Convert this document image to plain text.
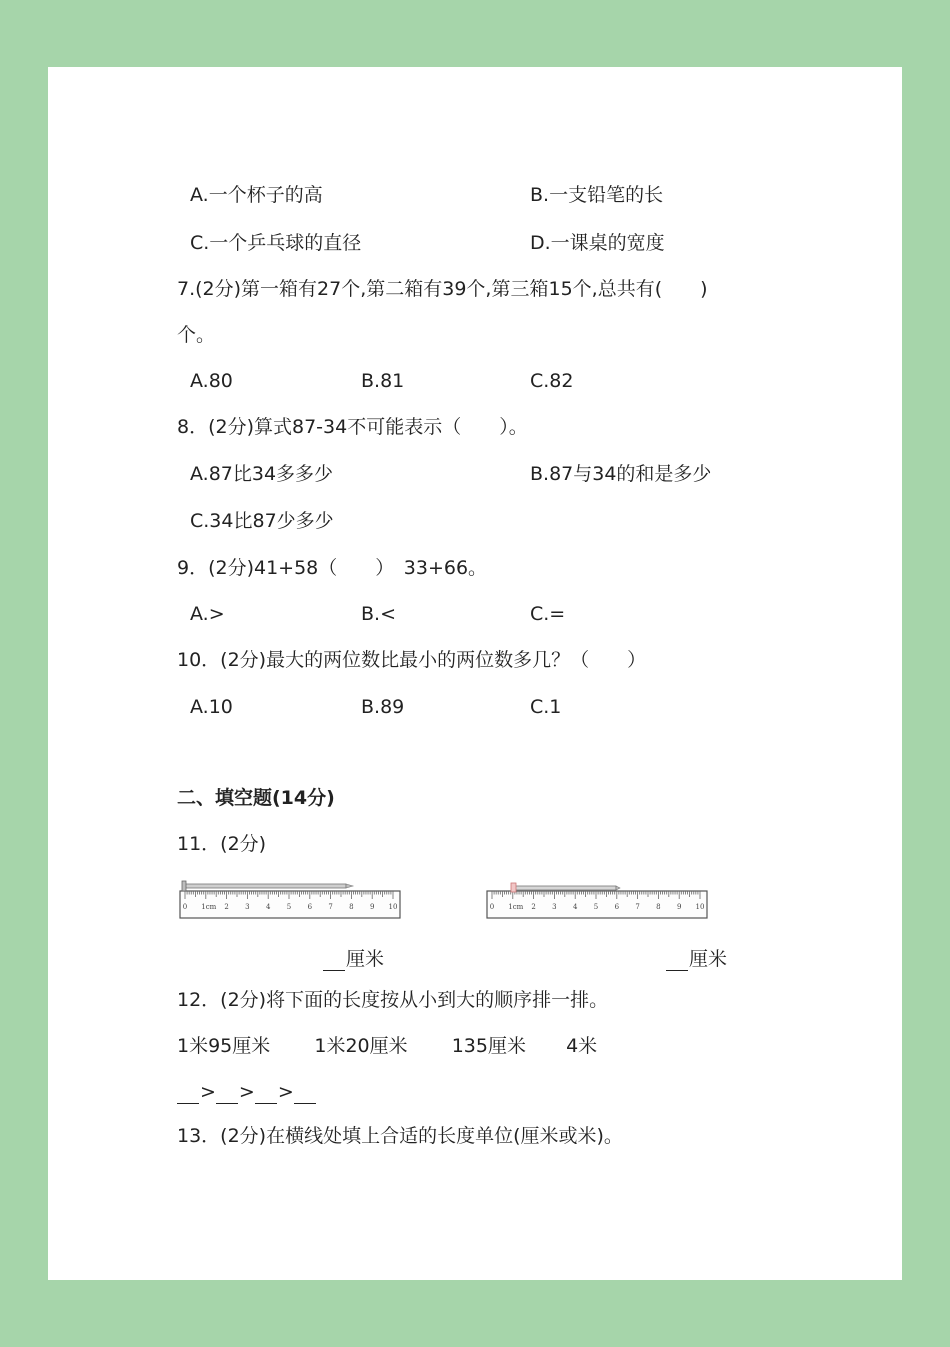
A.一个杯子的高	B.一支铅笔的长
C.一个乒乓球的直径	D.一课桌的宽度
7.(2分)第一箱有27个,第二箱有39个,第三箱15个,总共有(　　)
个。
A.80	B.81	C.82
8．(2分)算式87-34不可能表示（　　）。
A.87比34多多少	B.87与34的和是多少
C.34比87少多少
9．(2分)41+58（　　）　33+66。
A.>	B.<	C.=
10．(2分)最大的两位数比最小的两位数多几？（　　）
A.10	B.89	C.1
二、填空题(14分)
11．(2分)
0 1cm 2 3 4 5 6 7 8 9 10	0 1cm 2 3 4 5 6 7 8 9 10
厘米	厘米
12．(2分)将下面的长度按从小到大的顺序排一排。
1米95厘米 1米20厘米 135厘米 4米
> > >
13．(2分)在横线处填上合适的长度单位(厘米或米)。
